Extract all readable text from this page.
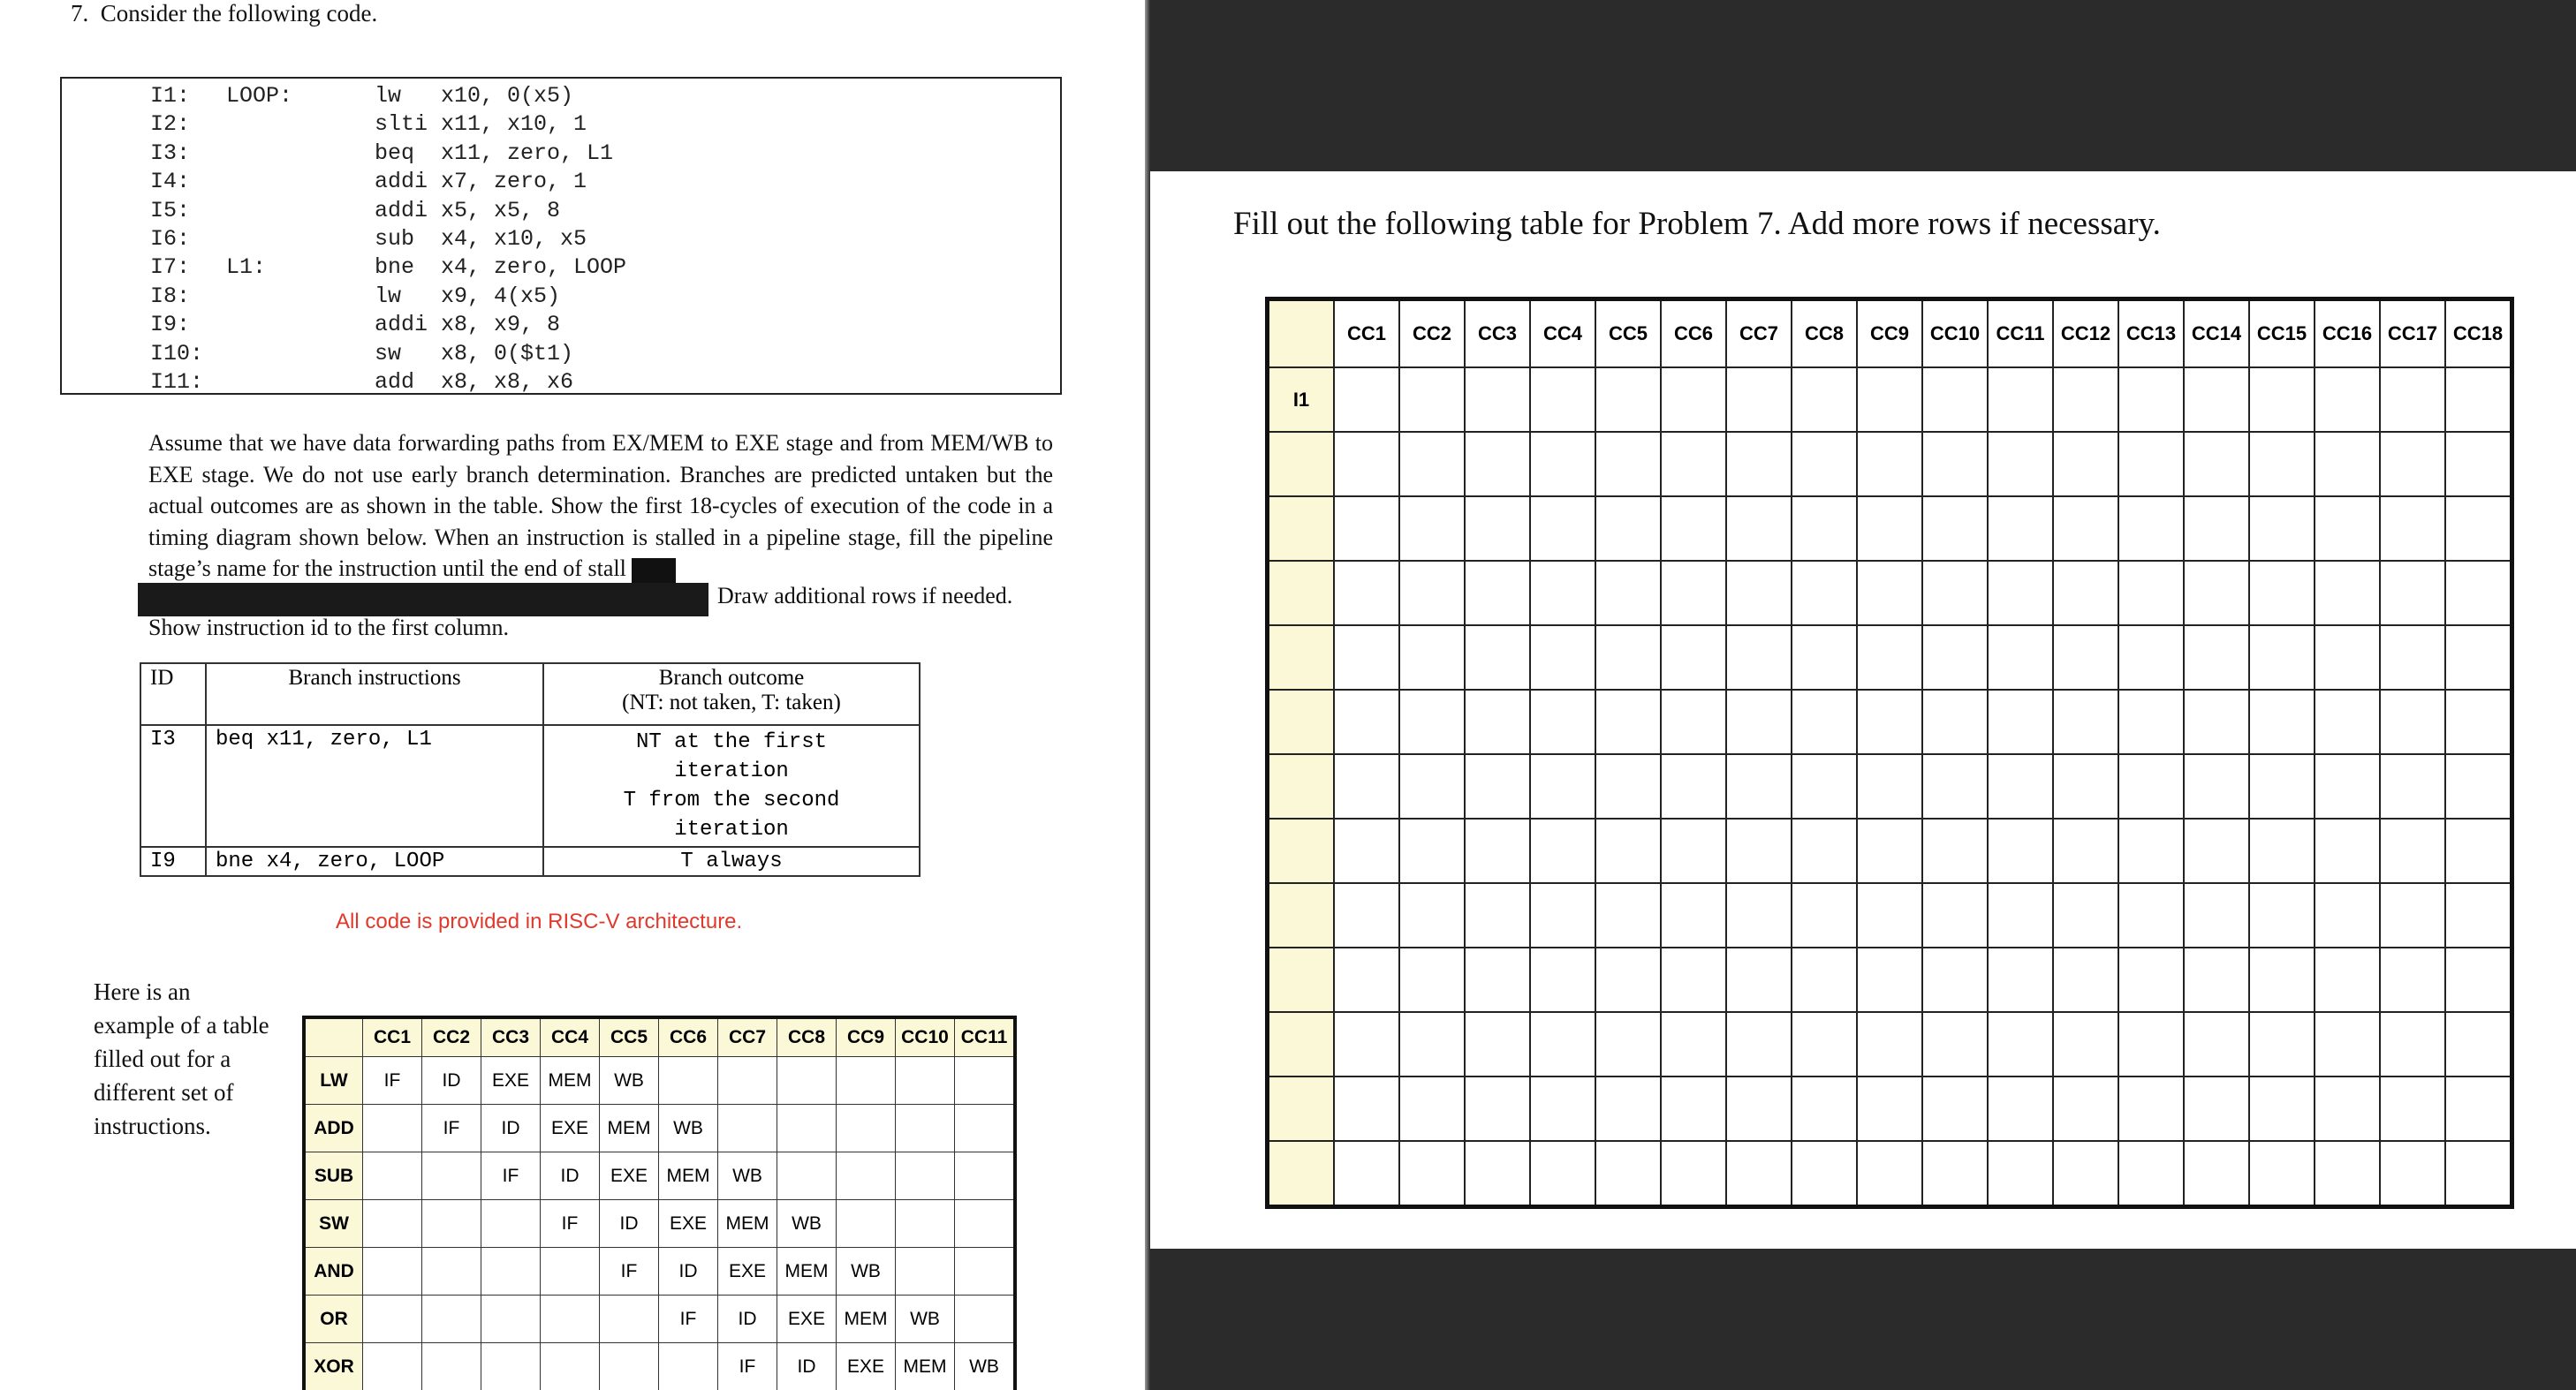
7. Consider the following code.
I1: LOOP:	lw   x10, 0(x5)
I2:	slti x11, x10, 1
I3:	beq  x11, zero, L1
I4:	addi x7, zero, 1
I5:	addi x5, x5, 8
I6:	sub  x4, x10, x5
I7: L1:	bne  x4, zero, LOOP
I8:	lw   x9, 4(x5)
I9:	addi x8, x9, 8
I10:	sw   x8, 0($t1)
I11:	add  x8, x8, x6
Assume that we have data forwarding paths from EX/MEM to EXE stage and from MEM/WB to EXE stage. We do not use early branch determination. Branches are predicted untaken but the actual outcomes are as shown in the table. Show the first 18-cycles of execution of the code in a timing diagram shown below. When an instruction is stalled in a pipeline stage, fill the pipeline stage’s name for the instruction until the end of stall
Draw additional rows if needed.
Show instruction id to the first column.
ID	Branch instructions	Branch outcome
(NT: not taken, T: taken)
I3	beq x11, zero, L1	NT at the first
iteration
T from the second
iteration
I9	bne x4, zero, LOOP	T always
All code is provided in RISC-V architecture.
Here is an example of a table filled out for a different set of instructions.
	CC1	CC2	CC3	CC4	CC5	CC6	CC7	CC8	CC9	CC10	CC11
LW	IF	ID	EXE	MEM	WB						
ADD		IF	ID	EXE	MEM	WB					
SUB			IF	ID	EXE	MEM	WB				
SW				IF	ID	EXE	MEM	WB			
AND					IF	ID	EXE	MEM	WB		
OR						IF	ID	EXE	MEM	WB	
XOR							IF	ID	EXE	MEM	WB
Fill out the following table for Problem 7. Add more rows if necessary.
	CC1	CC2	CC3	CC4	CC5	CC6	CC7	CC8	CC9	CC10	CC11	CC12	CC13	CC14	CC15	CC16	CC17	CC18
I1																		
